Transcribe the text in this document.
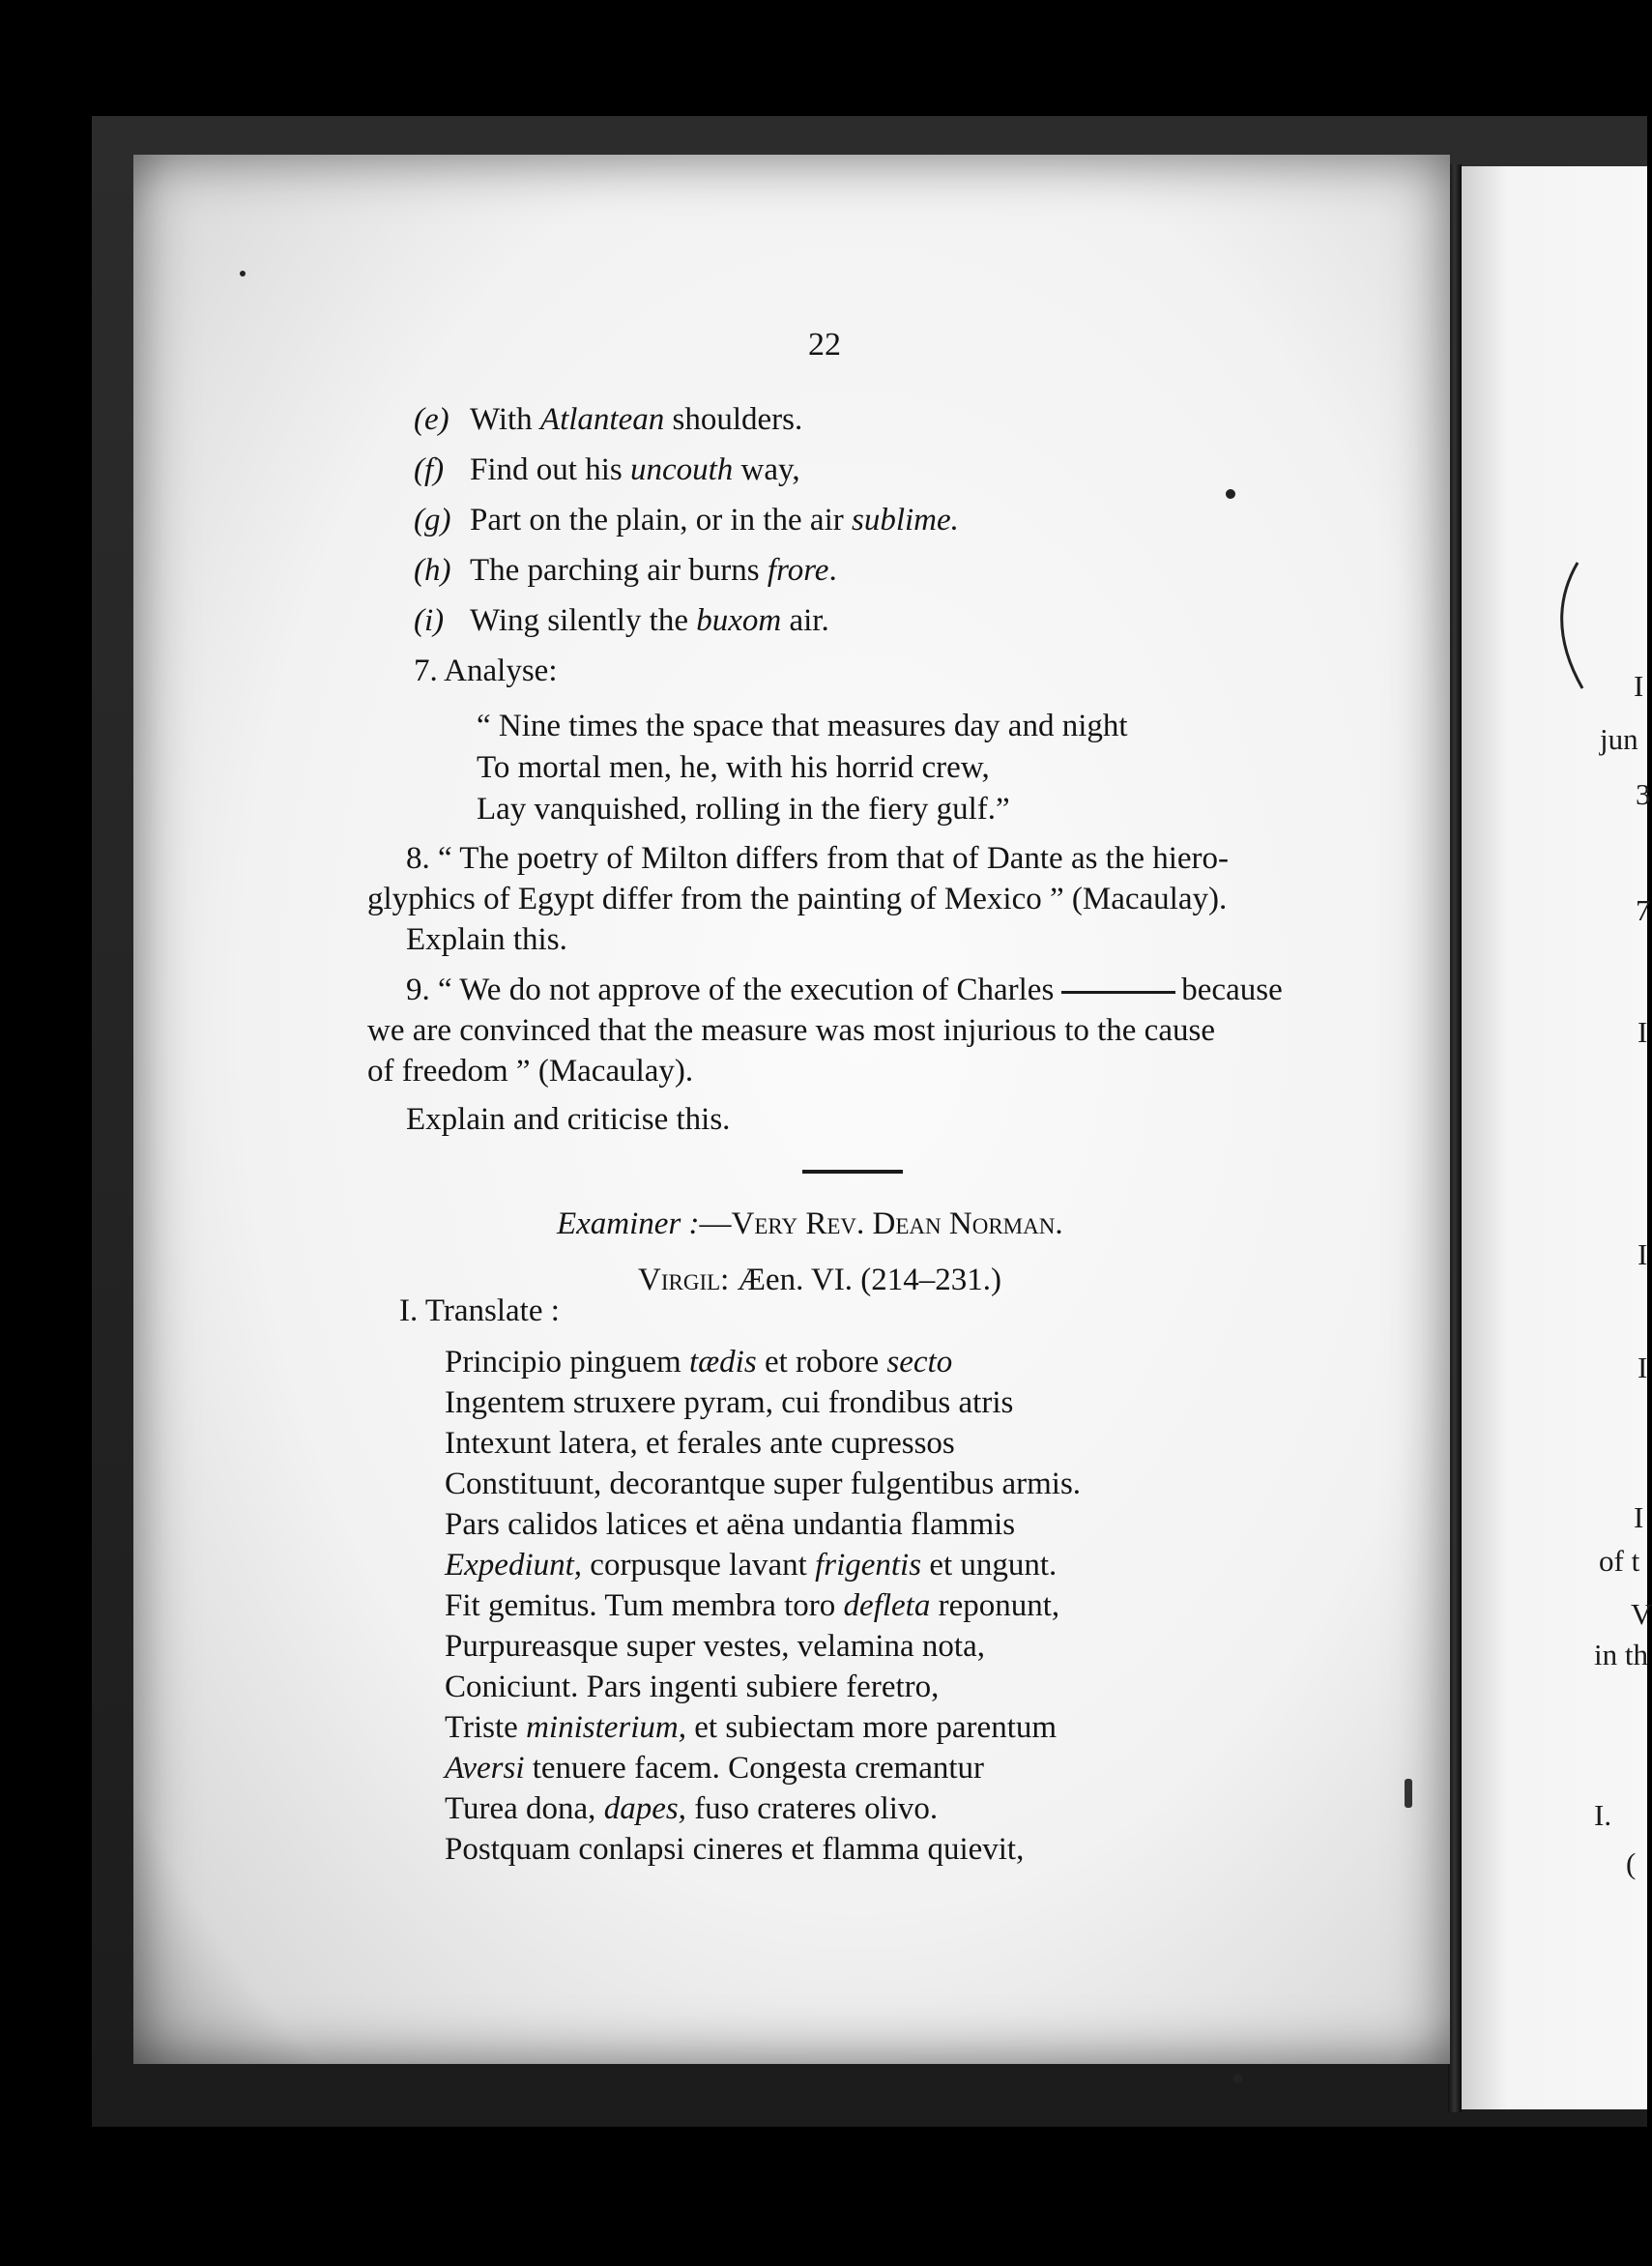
I
jun
3
7
I
I
I
I
of t
V
in th
I.
(
22
(e) With Atlantean shoulders.
(f) Find out his uncouth way,
(g) Part on the plain, or in the air sublime.
(h) The parching air burns frore.
(i) Wing silently the buxom air.
7. Analyse:
“ Nine times the space that measures day and night
To mortal men, he, with his horrid crew,
Lay vanquished, rolling in the fiery gulf.”
8. “ The poetry of Milton differs from that of Dante as the hiero-
glyphics of Egypt differ from the painting of Mexico ” (Macaulay).
Explain this.
9. “ We do not approve of the execution of Charles	because
we are convinced that the measure was most injurious to the cause
of freedom ” (Macaulay).
Explain and criticise this.
Examiner :—Very Rev. Dean Norman.
Virgil: Æen. VI. (214–231.)
I. Translate :
Principio pinguem tædis et robore secto
Ingentem struxere pyram, cui frondibus atris
Intexunt latera, et ferales ante cupressos
Constituunt, decorantque super fulgentibus armis.
Pars calidos latices et aëna undantia flammis
Expediunt, corpusque lavant frigentis et ungunt.
Fit gemitus. Tum membra toro defleta reponunt,
Purpureasque super vestes, velamina nota,
Coniciunt. Pars ingenti subiere feretro,
Triste ministerium, et subiectam more parentum
Aversi tenuere facem. Congesta cremantur
Turea dona, dapes, fuso crateres olivo.
Postquam conlapsi cineres et flamma quievit,
